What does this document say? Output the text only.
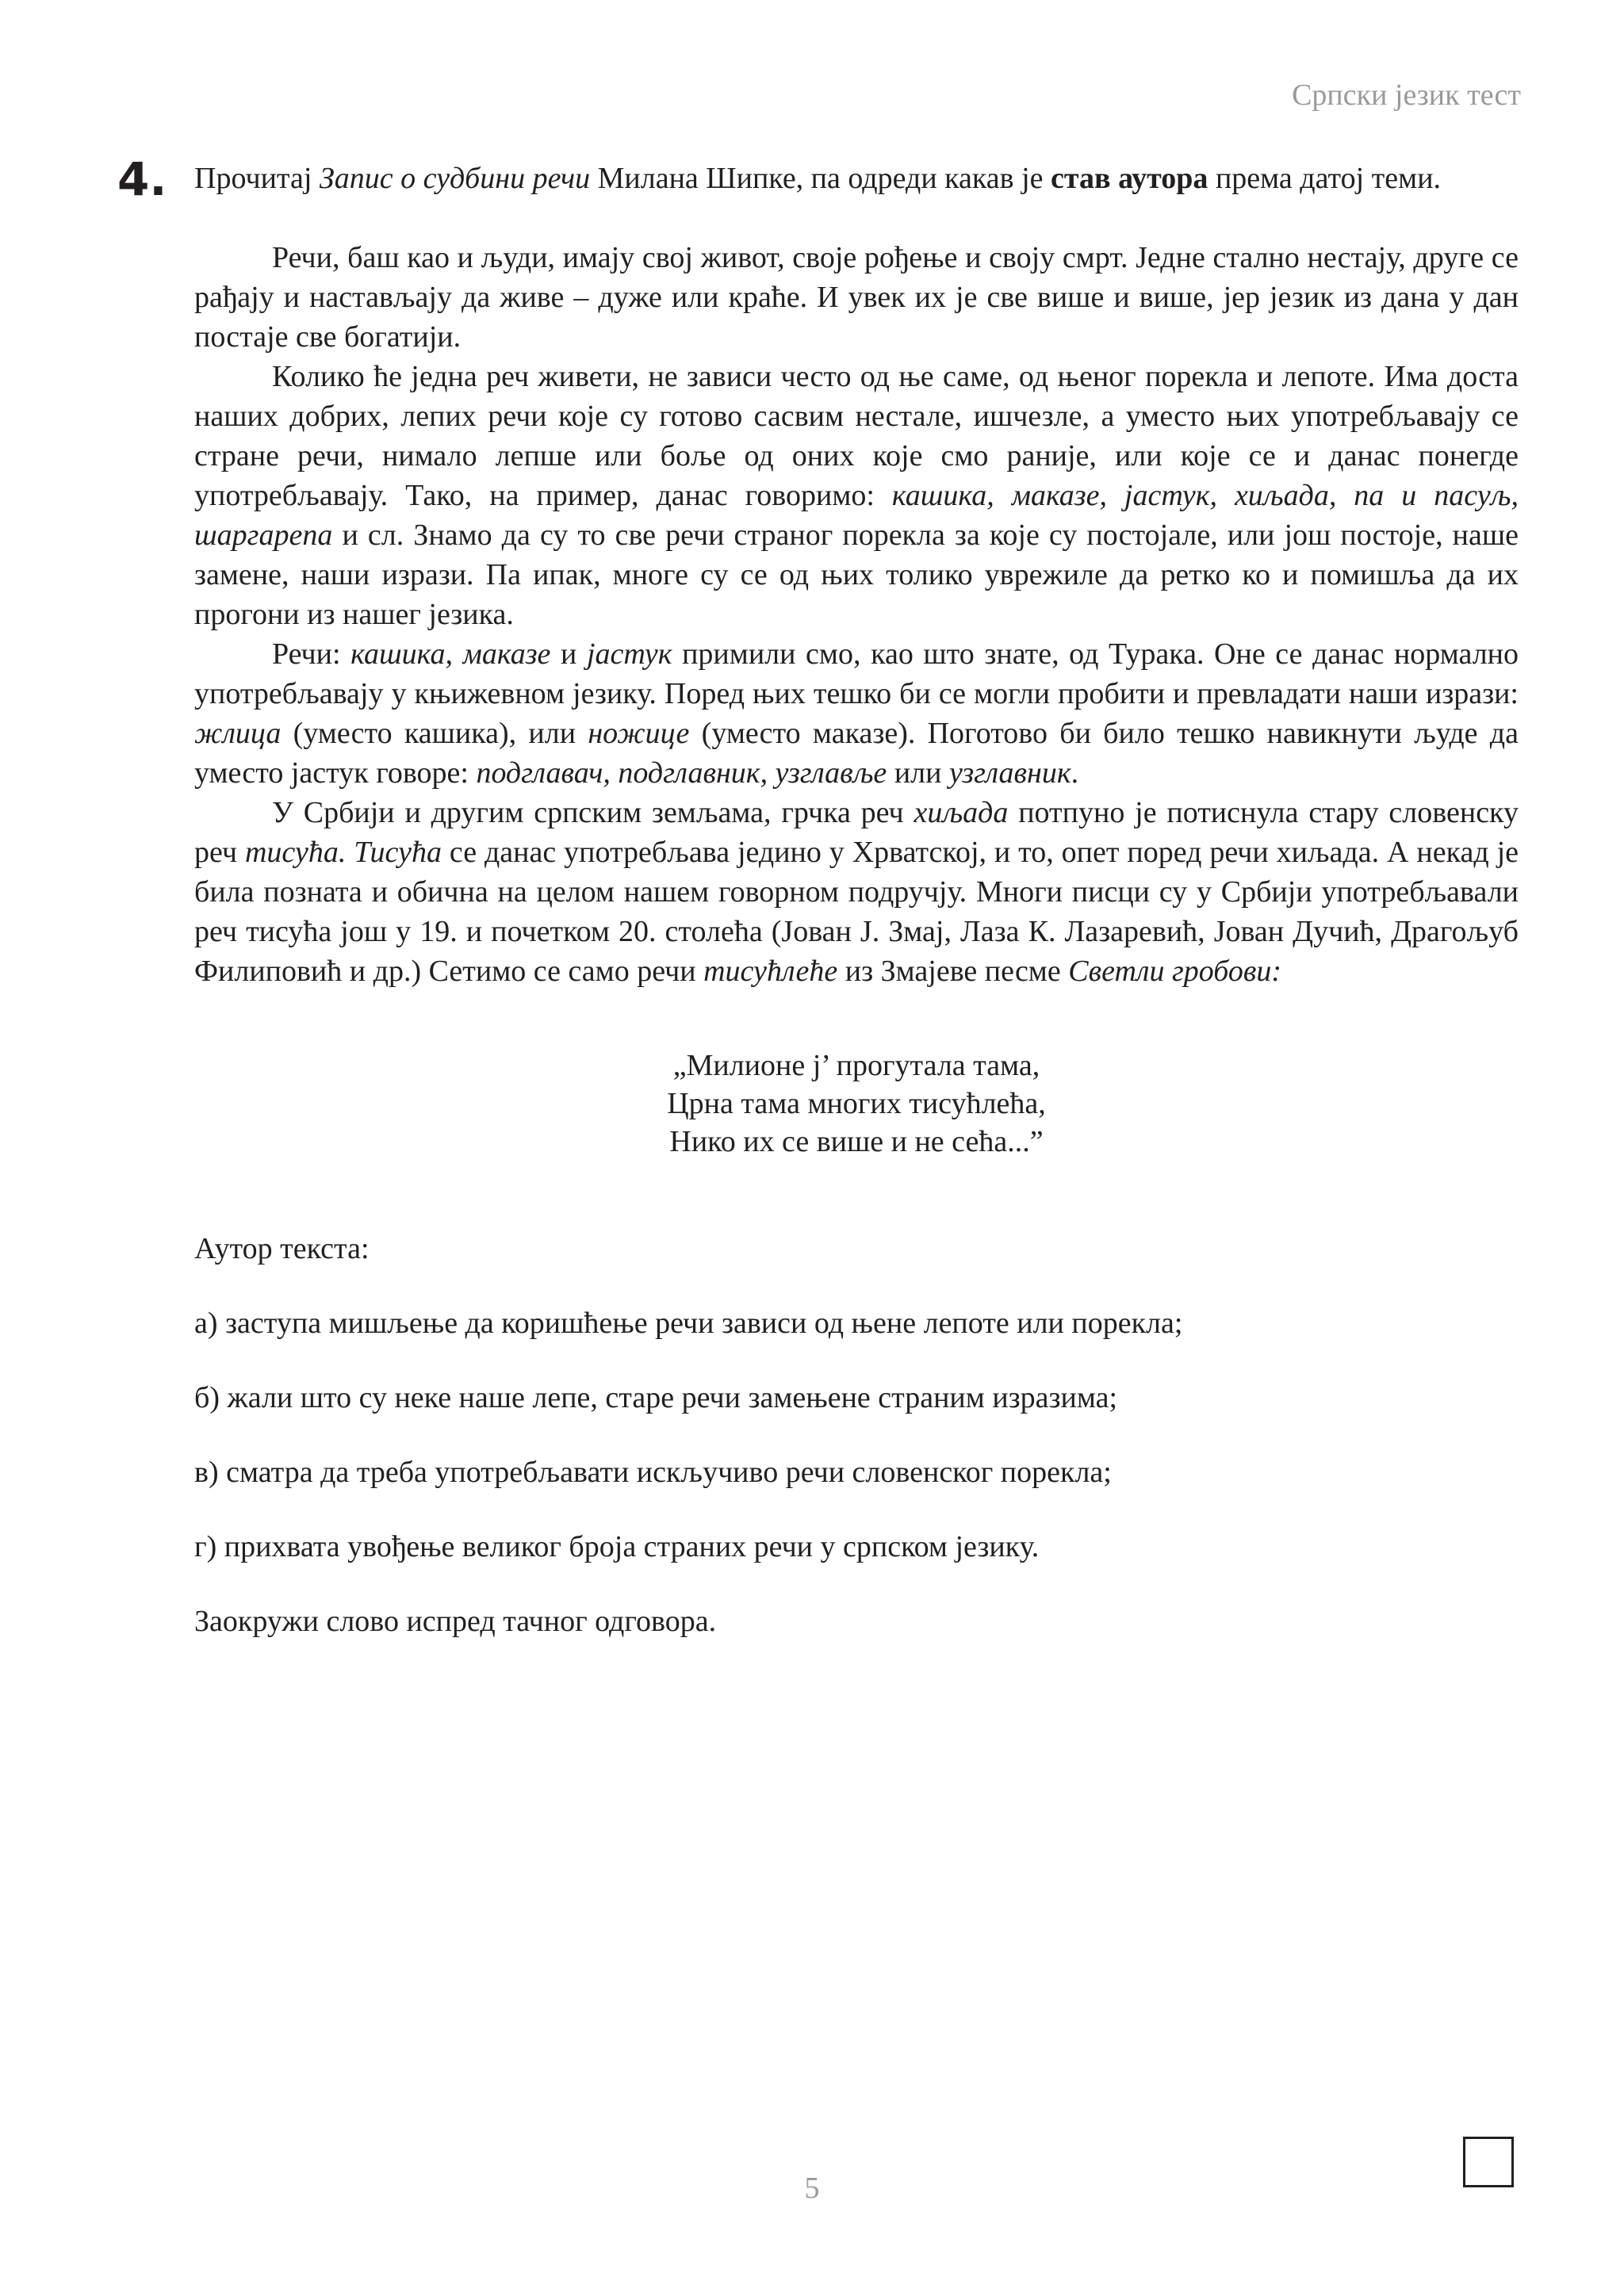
Српски језик тест
4. Прочитај Запис о судбини речи Милана Шипке, па одреди какав је став аутора према датој теми.

Речи, баш као и људи, имају свој живот, своје рођење и своју смрт. Једне стално нестају, друге се рађају и настављају да живе – дуже или краће. И увек их је све више и више, јер језик из дана у дан постаје све богатији.

Колико ће једна реч живети, не зависи често од ње саме, од њеног порекла и лепоте. Има доста наших добрих, лепих речи које су готово сасвим нестале, ишчезле, а уместо њих употребљавају се стране речи, нимало лепше или боље од оних које смо раније, или које се и данас понегде употребљавају. Тако, на пример, данас говоримо: кашика, маказе, јастук, хиљада, па и пасуљ, шаргарепа и сл. Знамо да су то све речи страног порекла за које су постојале, или још постоје, наше замене, наши изрази. Па ипак, многе су се од њих толико уврежиле да ретко ко и помишља да их прогони из нашег језика.

Речи: кашика, маказе и јастук примили смо, као што знате, од Турака. Оне се данас нормално употребљавају у књижевном језику. Поред њих тешко би се могли пробити и превладати наши изрази: жлица (уместо кашика), или ножице (уместо маказе). Поготово би било тешко навикнути људе да уместо јастук говоре: подглавач, подглавник, узглавље или узглавник.

У Србији и другим српским земљама, грчка реч хиљада потпуно је потиснула стару словенску реч тисућа. Тисућа се данас употребљава једино у Хрватској, и то, опет поред речи хиљада. А некад је била позната и обична на целом нашем говорном подручју. Многи писци су у Србији употребљавали реч тисућа још у 19. и почетком 20. столећа (Јован Ј. Змај, Лаза К. Лазаревић, Јован Дучић, Драгољуб Филиповић и др.) Сетимо се само речи тисућлеће из Змајеве песме Светли гробови:

„Милионе ј’ прогутала тама,
Црна тама многих тисућлећа,
Нико их се више и не сећа...”

Аутор текста:

а) заступа мишљење да коришћење речи зависи од њене лепоте или порекла;

б) жали што су неке наше лепе, старе речи замењене страним изразима;

в) сматра да треба употребљавати искључиво речи словенског порекла;

г) прихвата увођење великог броја страних речи у српском језику.

Заокружи слово испред тачног одговора.

5
